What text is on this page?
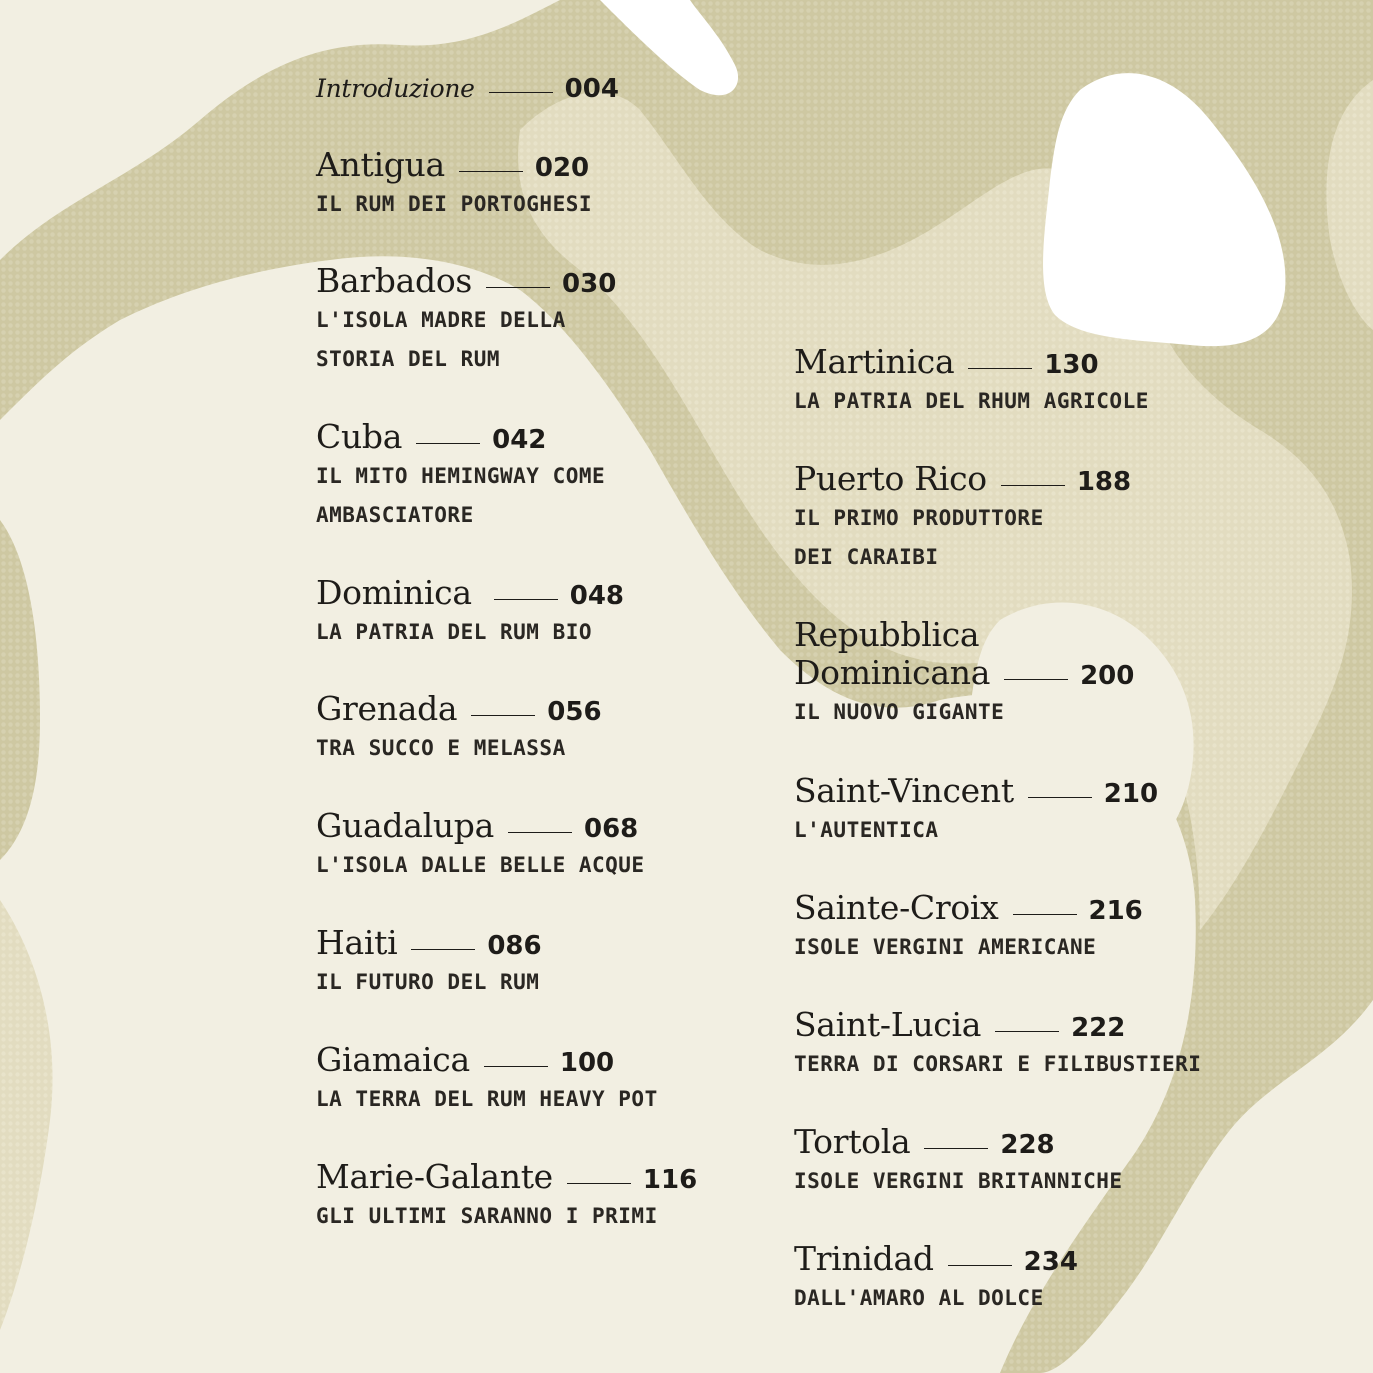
Introduzione	004
Antigua	020
IL RUM DEI PORTOGHESI
Barbados	030
L'ISOLA MADRE DELLA
STORIA DEL RUM
Cuba	042
IL MITO HEMINGWAY COME
AMBASCIATORE
Dominica	048
LA PATRIA DEL RUM BIO
Grenada	056
TRA SUCCO E MELASSA
Guadalupa	068
L'ISOLA DALLE BELLE ACQUE
Haiti	086
IL FUTURO DEL RUM
Giamaica	100
LA TERRA DEL RUM HEAVY POT
Marie-Galante	116
GLI ULTIMI SARANNO I PRIMI
Martinica	130
LA PATRIA DEL RHUM AGRICOLE
Puerto Rico	188
IL PRIMO PRODUTTORE
DEI CARAIBI
Repubblica
Dominicana	200
IL NUOVO GIGANTE
Saint-Vincent	210
L'AUTENTICA
Sainte-Croix	216
ISOLE VERGINI AMERICANE
Saint-Lucia	222
TERRA DI CORSARI E FILIBUSTIERI
Tortola	228
ISOLE VERGINI BRITANNICHE
Trinidad	234
DALL'AMARO AL DOLCE
